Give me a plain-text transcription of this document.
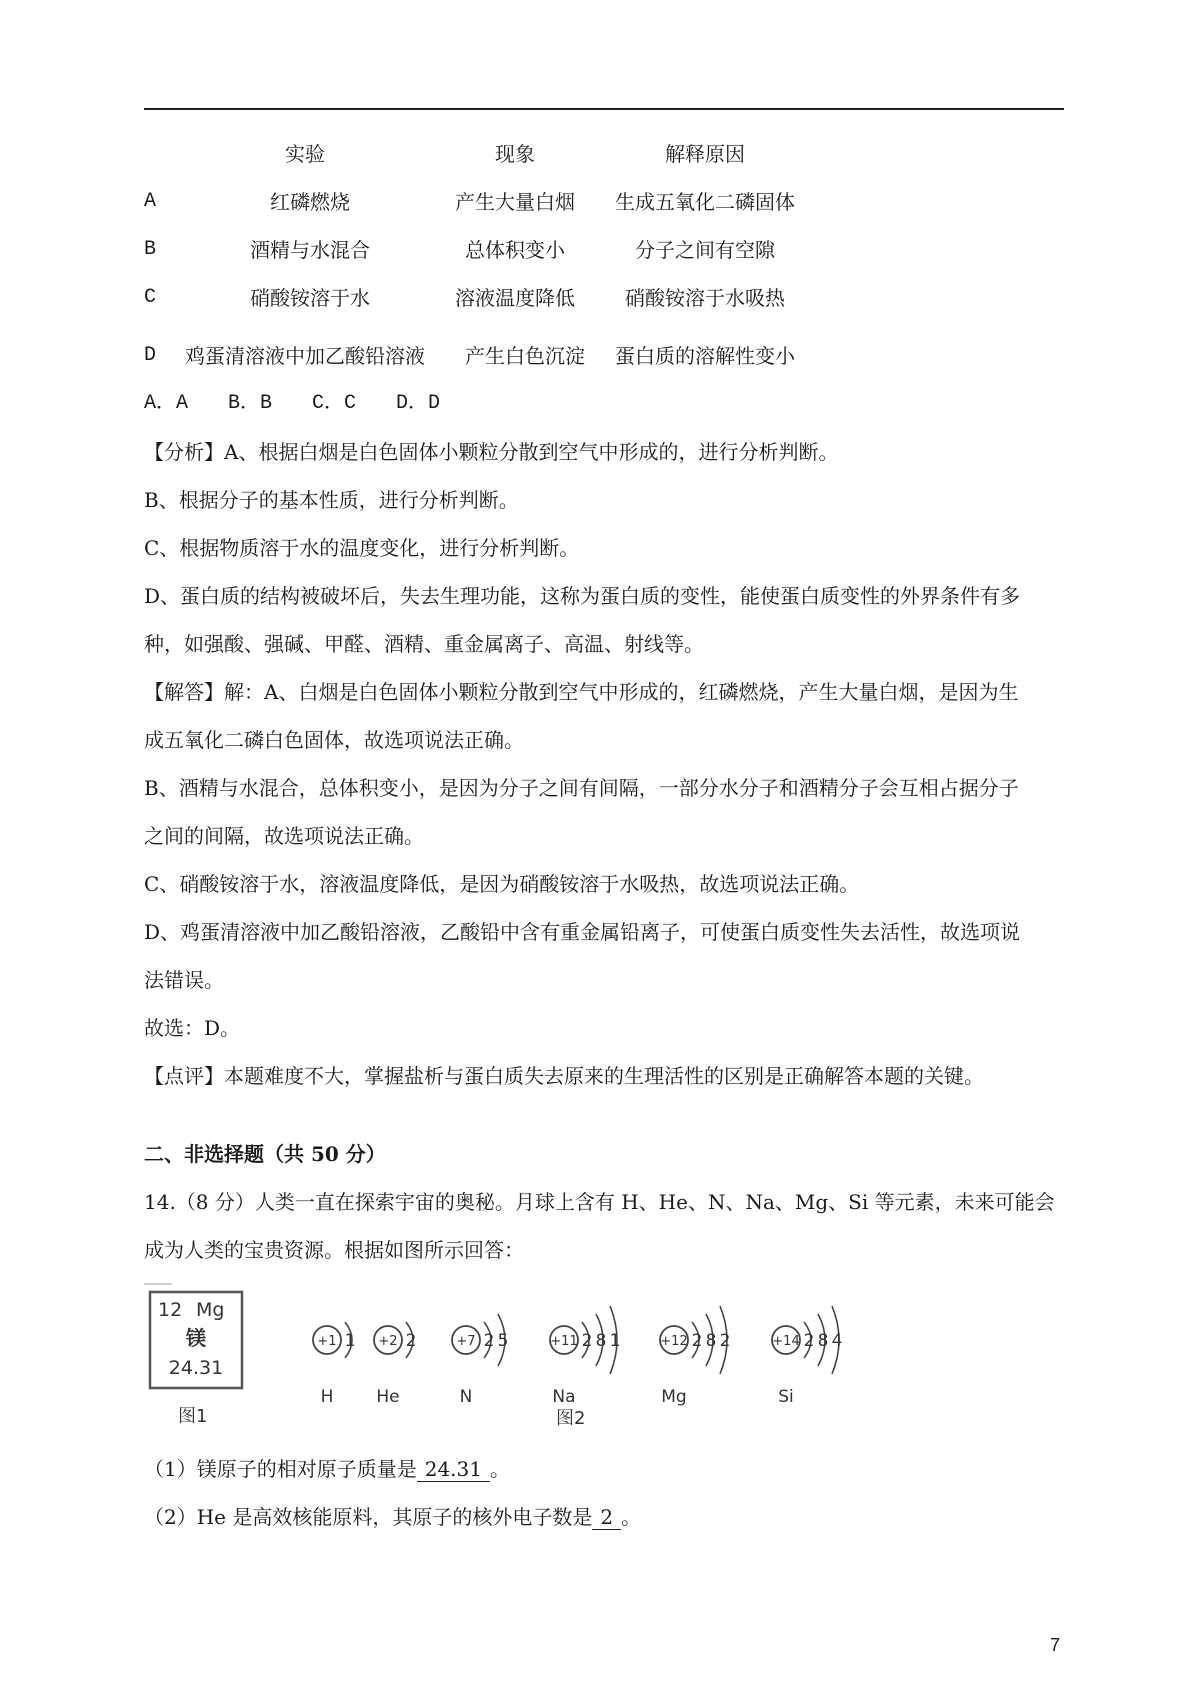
实验	现象	解释原因
A	红磷燃烧	产生大量白烟	生成五氧化二磷固体
B	酒精与水混合	总体积变小	分子之间有空隙
C	硝酸铵溶于水	溶液温度降低	硝酸铵溶于水吸热
D	鸡蛋清溶液中加乙酸铅溶液	产生白色沉淀	蛋白质的溶解性变小
A．A B．B C．C D．D
【分析】A、根据白烟是白色固体小颗粒分散到空气中形成的，进行分析判断。
B、根据分子的基本性质，进行分析判断。
C、根据物质溶于水的温度变化，进行分析判断。
D、蛋白质的结构被破坏后，失去生理功能，这称为蛋白质的变性，能使蛋白质变性的外界条件有多
种，如强酸、强碱、甲醛、酒精、重金属离子、高温、射线等。
【解答】解：A、白烟是白色固体小颗粒分散到空气中形成的，红磷燃烧，产生大量白烟，是因为生
成五氧化二磷白色固体，故选项说法正确。
B、酒精与水混合，总体积变小，是因为分子之间有间隔，一部分水分子和酒精分子会互相占据分子
之间的间隔，故选项说法正确。
C、硝酸铵溶于水，溶液温度降低，是因为硝酸铵溶于水吸热，故选项说法正确。
D、鸡蛋清溶液中加乙酸铅溶液，乙酸铅中含有重金属铅离子，可使蛋白质变性失去活性，故选项说
法错误。
故选：D。
【点评】本题难度不大，掌握盐析与蛋白质失去原来的生理活性的区别是正确解答本题的关键。
二、非选择题（共 50 分）
14.（8 分）人类一直在探索宇宙的奥秘。月球上含有 H、He、N、Na、Mg、Si 等元素，未来可能会
成为人类的宝贵资源。根据如图所示回答：
12 Mg
镁
24.31
图1	图2
+1 1
H
+2 2
He
+7 2 5
N
+11 2 8 1
Na
+12 2 8 2
Mg
+14 2 8 4
Si
（1）镁原子的相对原子质量是 24.31 。
（2）He 是高效核能原料，其原子的核外电子数是 2 。
7
